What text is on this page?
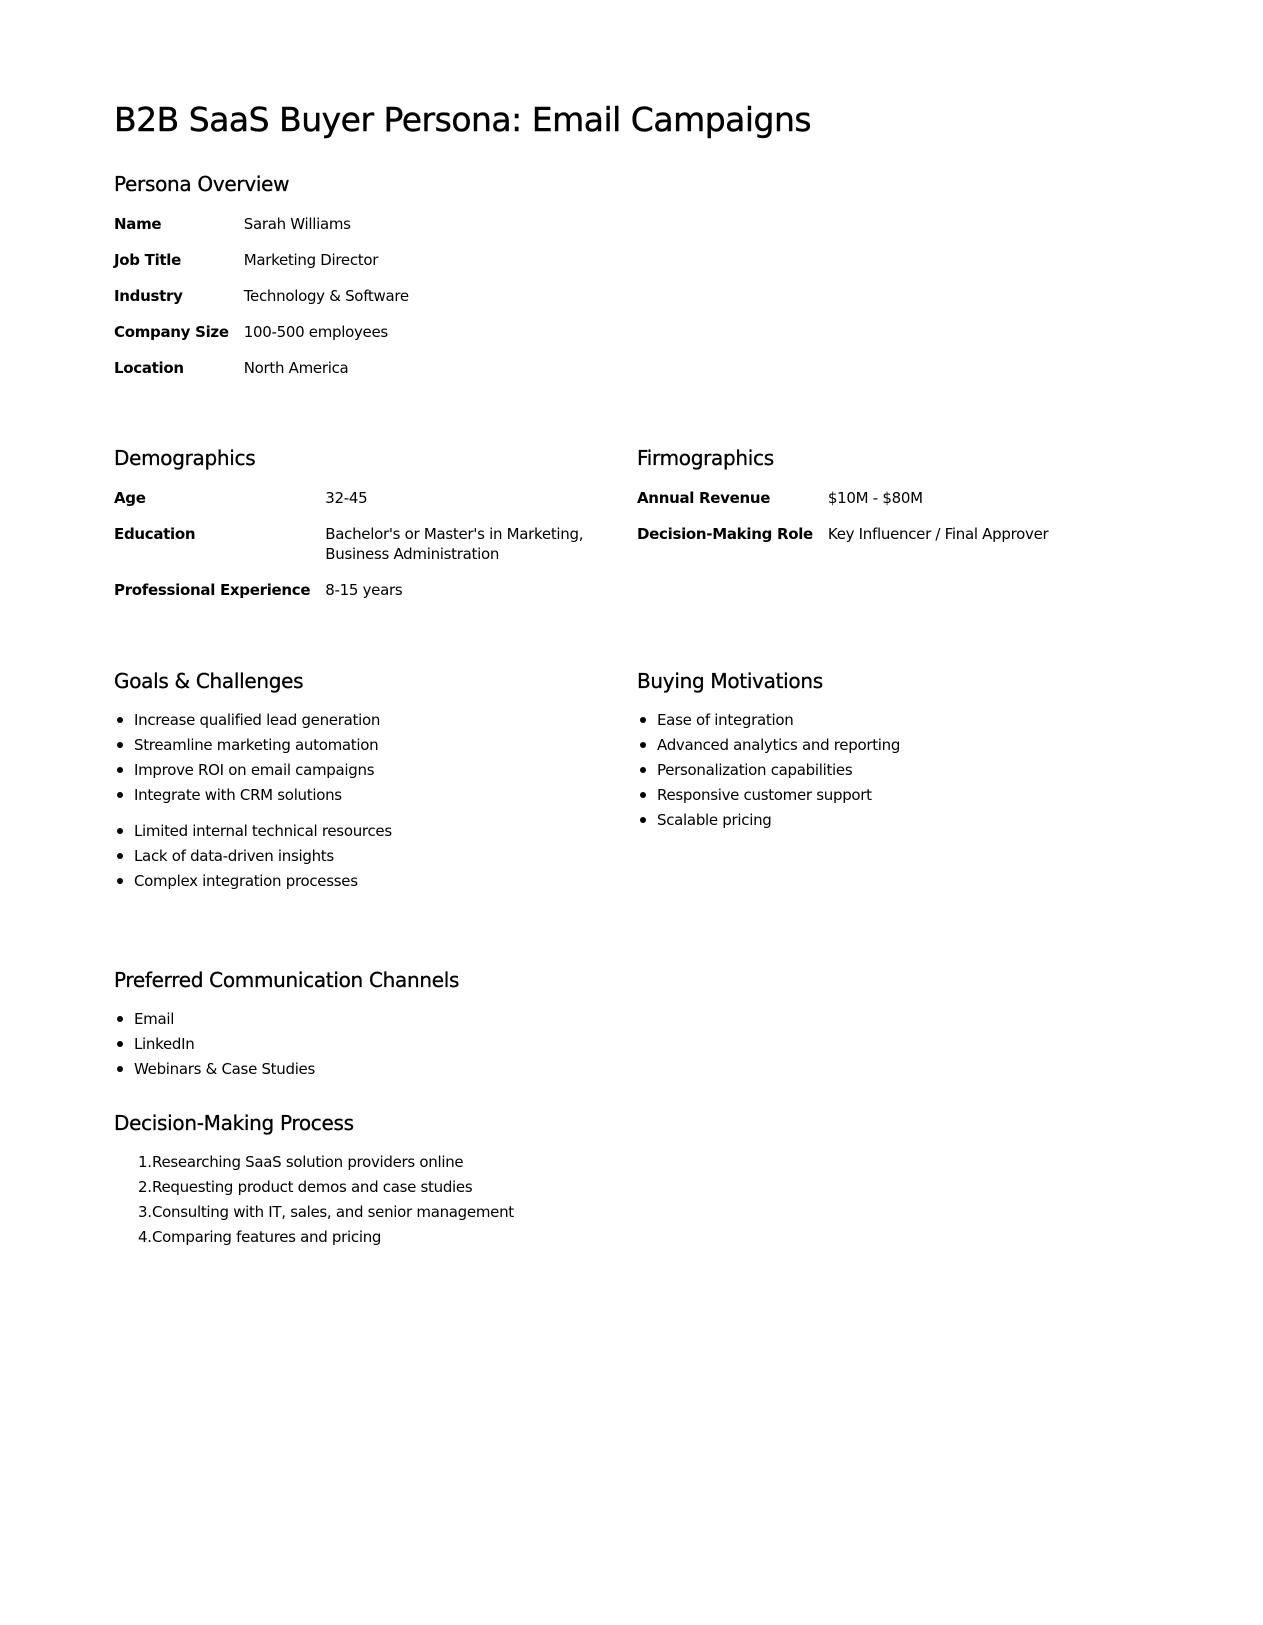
B2B SaaS Buyer Persona: Email Campaigns
Persona Overview
Name	Sarah Williams
Job Title	Marketing Director
Industry	Technology & Software
Company Size	100-500 employees
Location	North America
Demographics
Age	32-45
Education	Bachelor's or Master's in Marketing, Business Administration
Professional Experience	8-15 years
Firmographics
Annual Revenue	$10M - $80M
Decision-Making Role	Key Influencer / Final Approver
Goals & Challenges
Increase qualified lead generation
Streamline marketing automation
Improve ROI on email campaigns
Integrate with CRM solutions
Limited internal technical resources
Lack of data-driven insights
Complex integration processes
Buying Motivations
Ease of integration
Advanced analytics and reporting
Personalization capabilities
Responsive customer support
Scalable pricing
Preferred Communication Channels
Email
LinkedIn
Webinars & Case Studies
Decision-Making Process
1. Researching SaaS solution providers online
2. Requesting product demos and case studies
3. Consulting with IT, sales, and senior management
4. Comparing features and pricing
